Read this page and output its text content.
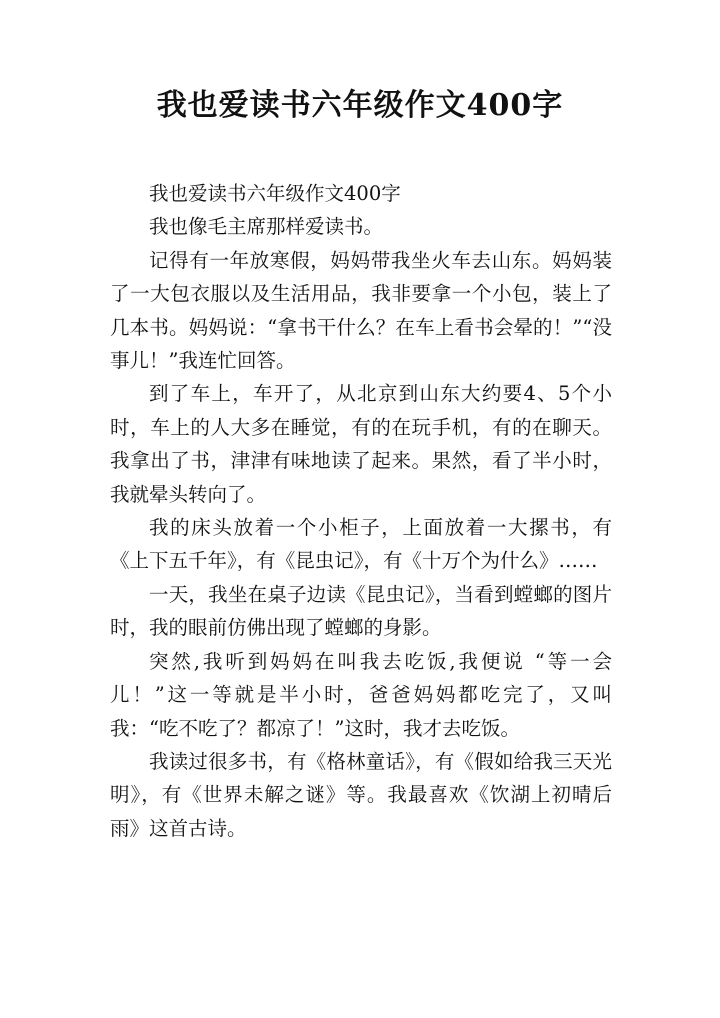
我也爱读书六年级作文400字

我也爱读书六年级作文400字

我也像毛主席那样爱读书。

记得有一年放寒假，妈妈带我坐火车去山东。妈妈装了一大包衣服以及生活用品，我非要拿一个小包，装上了几本书。妈妈说：“拿书干什么？在车上看书会晕的！”“没事儿！”我连忙回答。

到了车上，车开了，从北京到山东大约要4、5个小时，车上的人大多在睡觉，有的在玩手机，有的在聊天。我拿出了书，津津有味地读了起来。果然，看了半小时，我就晕头转向了。

我的床头放着一个小柜子，上面放着一大摞书，有《上下五千年》，有《昆虫记》，有《十万个为什么》……

一天，我坐在桌子边读《昆虫记》，当看到螳螂的图片时，我的眼前仿佛出现了螳螂的身影。

突然,我听到妈妈在叫我去吃饭,我便说 “等一会儿！”这一等就是半小时，爸爸妈妈都吃完了，又叫我：“吃不吃了？都凉了！”这时，我才去吃饭。

我读过很多书，有《格林童话》，有《假如给我三天光明》，有《世界未解之谜》等。我最喜欢《饮湖上初晴后雨》这首古诗。
